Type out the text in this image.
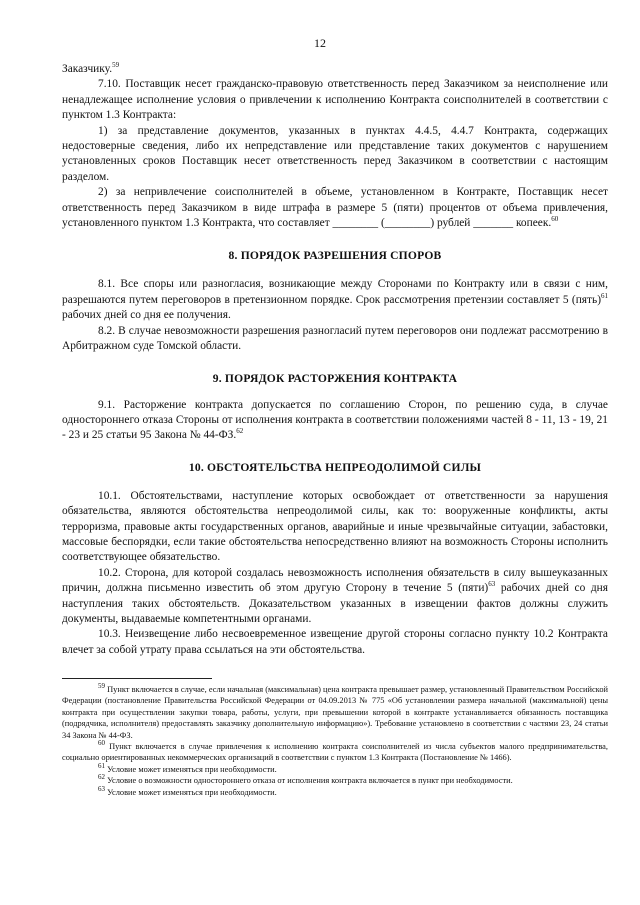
12

Заказчику.$^{59}$

7.10. Поставщик несет гражданско-правовую ответственность перед Заказчиком за неисполнение или ненадлежащее исполнение условия о привлечении к исполнению Контракта соисполнителей в соответствии с пунктом 1.3 Контракта:

1) за представление документов, указанных в пунктах 4.4.5, 4.4.7 Контракта, содержащих недостоверные сведения, либо их непредставление или представление таких документов с нарушением установленных сроков Поставщик несет ответственность перед Заказчиком в соответствии с настоящим разделом.

2) за непривлечение соисполнителей в объеме, установленном в Контракте, Поставщик несет ответственность перед Заказчиком в виде штрафа в размере 5 (пяти) процентов от объема привлечения, установленного пунктом 1.3 Контракта, что составляет ________ (________) рублей _______ копеек.$^{60}$

8. ПОРЯДОК РАЗРЕШЕНИЯ СПОРОВ

8.1. Все споры или разногласия, возникающие между Сторонами по Контракту или в связи с ним, разрешаются путем переговоров в претензионном порядке. Срок рассмотрения претензии составляет 5 (пять)$^{61}$ рабочих дней со дня ее получения.

8.2. В случае невозможности разрешения разногласий путем переговоров они подлежат рассмотрению в Арбитражном суде Томской области.

9. ПОРЯДОК РАСТОРЖЕНИЯ КОНТРАКТА

9.1. Расторжение контракта допускается по соглашению Сторон, по решению суда, в случае одностороннего отказа Стороны от исполнения контракта в соответствии положениями частей 8 - 11, 13 - 19, 21 - 23 и 25 статьи 95 Закона № 44-ФЗ.$^{62}$

10. ОБСТОЯТЕЛЬСТВА НЕПРЕОДОЛИМОЙ СИЛЫ

10.1. Обстоятельствами, наступление которых освобождает от ответственности за нарушения обязательства, являются обстоятельства непреодолимой силы, как то: вооруженные конфликты, акты терроризма, правовые акты государственных органов, аварийные и иные чрезвычайные ситуации, забастовки, массовые беспорядки, если такие обстоятельства непосредственно влияют на возможность Стороны исполнить соответствующее обязательство.

10.2. Сторона, для которой создалась невозможность исполнения обязательств в силу вышеуказанных причин, должна письменно известить об этом другую Сторону в течение 5 (пяти)$^{63}$ рабочих дней со дня наступления таких обстоятельств. Доказательством указанных в извещении фактов должны служить документы, выдаваемые компетентными органами.

10.3. Неизвещение либо несвоевременное извещение другой стороны согласно пункту 10.2 Контракта влечет за собой утрату права ссылаться на эти обстоятельства.

$^{59}$ Пункт включается в случае, если начальная (максимальная) цена контракта превышает размер, установленный Правительством Российской Федерации (постановление Правительства Российской Федерации от 04.09.2013 № 775 «Об установлении размера начальной (максимальной) цены контракта при осуществлении закупки товара, работы, услуги, при превышении которой в контракте устанавливается обязанность поставщика (подрядчика, исполнителя) предоставлять заказчику дополнительную информацию»). Требование установлено в соответствии с частями 23, 24 статьи 34 Закона № 44-ФЗ.

$^{60}$ Пункт включается в случае привлечения к исполнению контракта соисполнителей из числа субъектов малого предпринимательства, социально ориентированных некоммерческих организаций в соответствии с пунктом 1.3 Контракта (Постановление № 1466).

$^{61}$ Условие может изменяться при необходимости.

$^{62}$ Условие о возможности одностороннего отказа от исполнения контракта включается в пункт при необходимости.

$^{63}$ Условие может изменяться при необходимости.
